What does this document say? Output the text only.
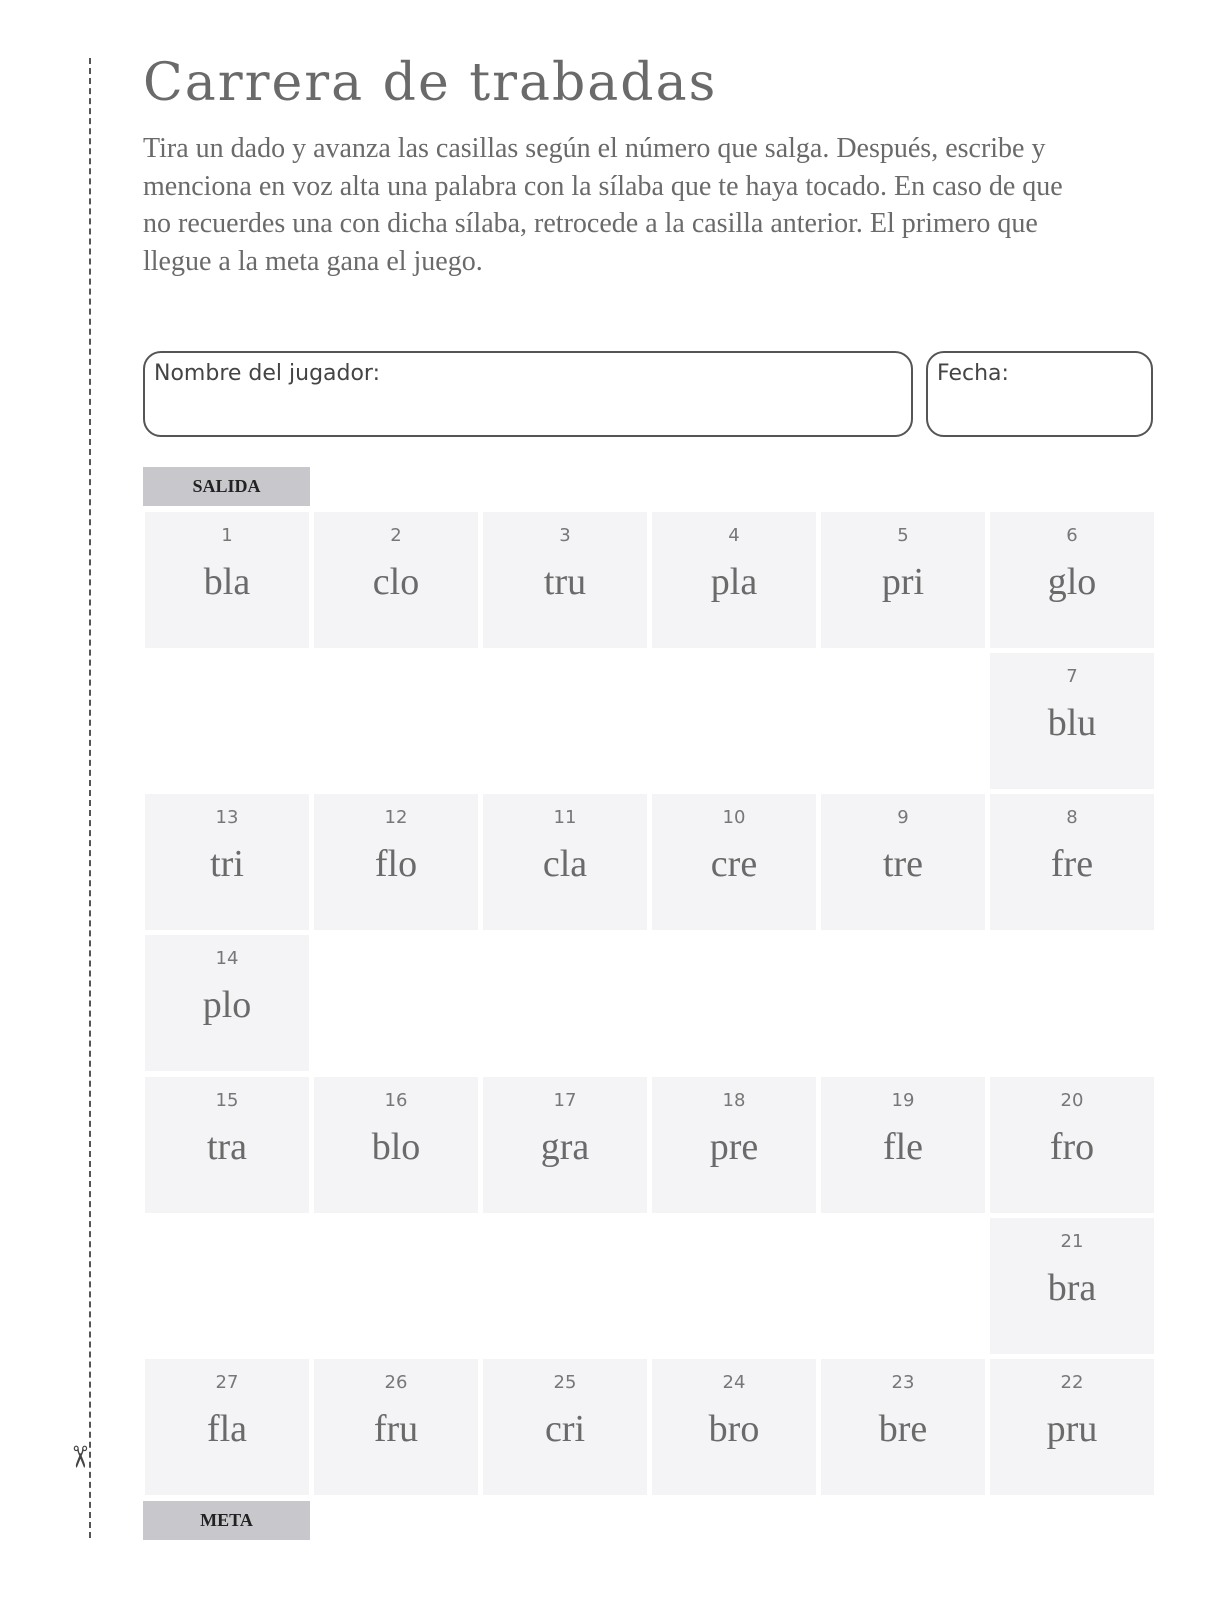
✂
Carrera de trabadas

Tira un dado y avanza las casillas según el número que salga. Después, escribe y menciona en voz alta una palabra con la sílaba que te haya tocado. En caso de que no recuerdes una con dicha sílaba, retrocede a la casilla anterior. El primero que llegue a la meta gana el juego.

Nombre del jugador:	Fecha:
SALIDA
META
1
bla
2
clo
3
tru
4
pla
5
pri
6
glo
7
blu
8
fre
9
tre
10
cre
11
cla
12
flo
13
tri
14
plo
15
tra
16
blo
17
gra
18
pre
19
fle
20
fro
21
bra
22
pru
23
bre
24
bro
25
cri
26
fru
27
fla
